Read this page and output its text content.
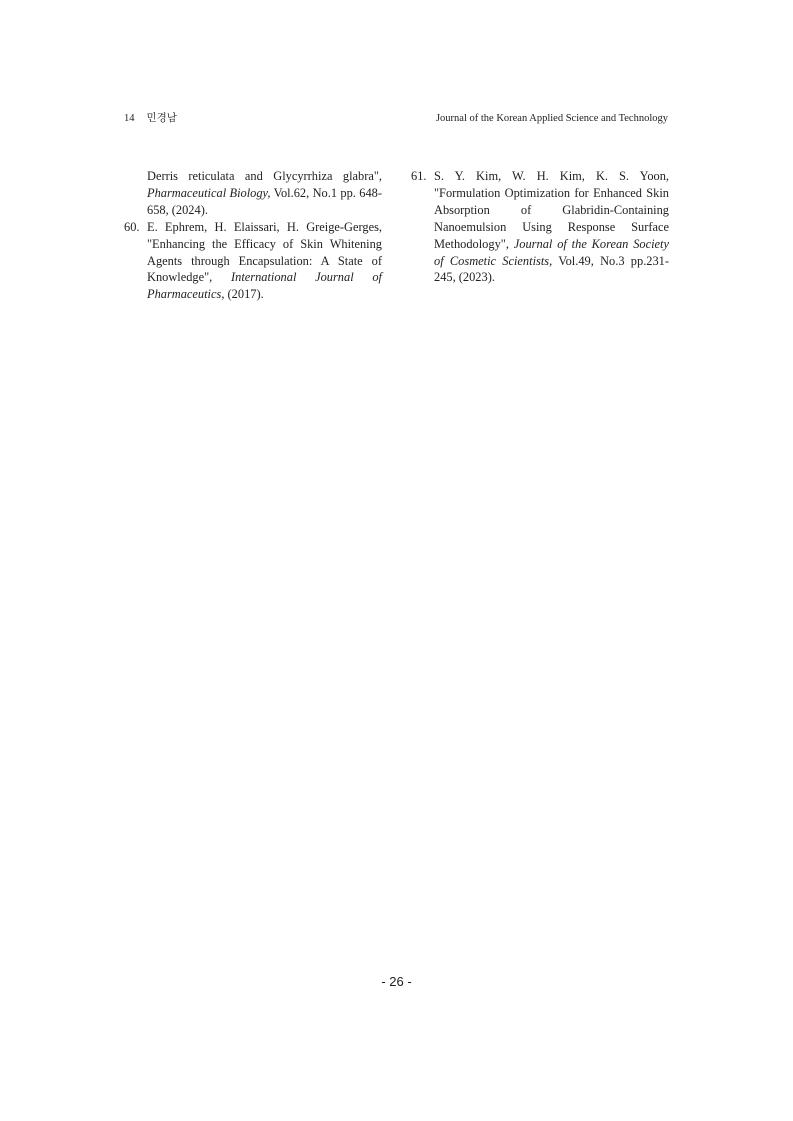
14 민경남	Journal of the Korean Applied Science and Technology

Derris reticulata and Glycyrrhiza glabra", Pharmaceutical Biology, Vol.62, No.1 pp. 648-658, (2024).

60. E. Ephrem, H. Elaissari, H. Greige-Gerges, "Enhancing the Efficacy of Skin Whitening Agents through Encapsulation: A State of Knowledge", International Journal of Pharmaceutics, (2017).

61. S. Y. Kim, W. H. Kim, K. S. Yoon, "Formulation Optimization for Enhanced Skin Absorption of Glabridin-Containing Nanoemulsion Using Response Surface Methodology", Journal of the Korean Society of Cosmetic Scientists, Vol.49, No.3 pp.231-245, (2023).

- 26 -
